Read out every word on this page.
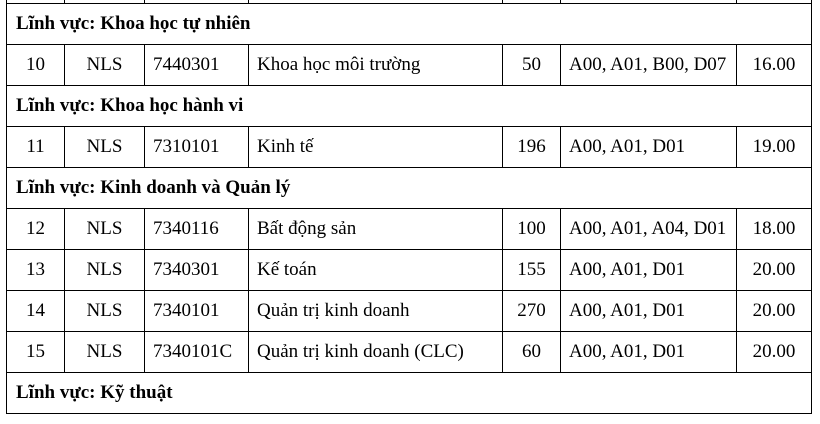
Lĩnh vực: Khoa học tự nhiên						
10	NLS	7440301	Khoa học môi trường	50	A00, A01, B00, D07	16.00
Lĩnh vực: Khoa học hành vi						
11	NLS	7310101	Kinh tế	196	A00, A01, D01	19.00
Lĩnh vực: Kinh doanh và Quản lý						
12	NLS	7340116	Bất động sản	100	A00, A01, A04, D01	18.00
13	NLS	7340301	Kế toán	155	A00, A01, D01	20.00
14	NLS	7340101	Quản trị kinh doanh	270	A00, A01, D01	20.00
15	NLS	7340101C	Quản trị kinh doanh (CLC)	60	A00, A01, D01	20.00
Lĩnh vực: Kỹ thuật						
